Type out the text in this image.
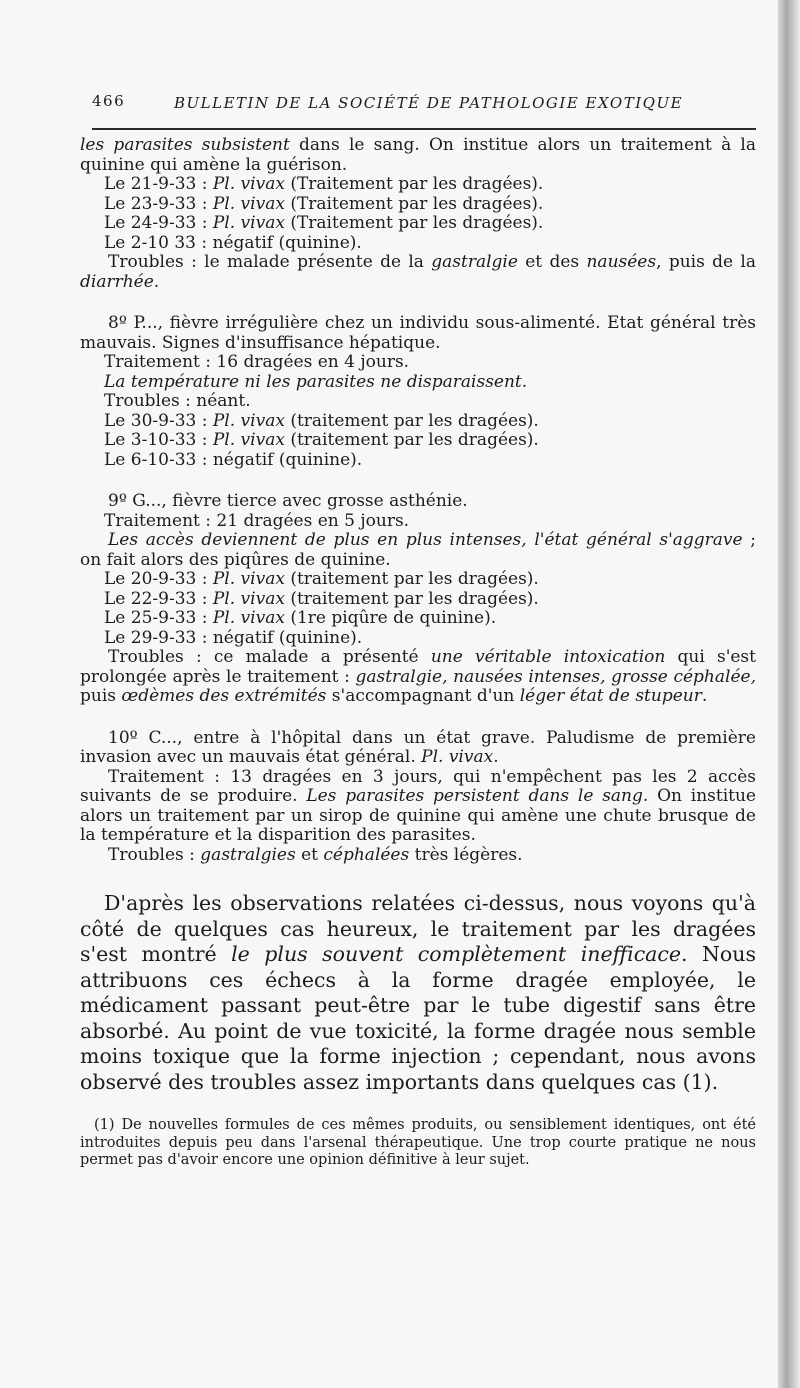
466	BULLETIN DE LA SOCIÉTÉ DE PATHOLOGIE EXOTIQUE

les parasites subsistent dans le sang. On institue alors un traitement à la quinine qui amène la guérison.

Le 21-9-33 : Pl. vivax (Traitement par les dragées).

Le 23-9-33 : Pl. vivax (Traitement par les dragées).

Le 24-9-33 : Pl. vivax (Traitement par les dragées).

Le 2-10 33 : négatif (quinine).

Troubles : le malade présente de la gastralgie et des nausées, puis de la diarrhée.

8º P..., fièvre irrégulière chez un individu sous-alimenté. Etat général très mauvais. Signes d'insuffisance hépatique.

Traitement : 16 dragées en 4 jours.

La température ni les parasites ne disparaissent.

Troubles : néant.

Le 30-9-33 : Pl. vivax (traitement par les dragées).

Le 3-10-33 : Pl. vivax (traitement par les dragées).

Le 6-10-33 : négatif (quinine).

9º G..., fièvre tierce avec grosse asthénie.

Traitement : 21 dragées en 5 jours.

Les accès deviennent de plus en plus intenses, l'état général s'aggrave ; on fait alors des piqûres de quinine.

Le 20-9-33 : Pl. vivax (traitement par les dragées).

Le 22-9-33 : Pl. vivax (traitement par les dragées).

Le 25-9-33 : Pl. vivax (1re piqûre de quinine).

Le 29-9-33 : négatif (quinine).

Troubles : ce malade a présenté une véritable intoxication qui s'est prolongée après le traitement : gastralgie, nausées intenses, grosse céphalée, puis œdèmes des extrémités s'accompagnant d'un léger état de stupeur.

10º C..., entre à l'hôpital dans un état grave. Paludisme de première invasion avec un mauvais état général. Pl. vivax.

Traitement : 13 dragées en 3 jours, qui n'empêchent pas les 2 accès suivants de se produire. Les parasites persistent dans le sang. On institue alors un traitement par un sirop de quinine qui amène une chute brusque de la température et la disparition des parasites.

Troubles : gastralgies et céphalées très légères.

D'après les observations relatées ci-dessus, nous voyons qu'à côté de quelques cas heureux, le traitement par les dragées s'est montré le plus souvent complètement inefficace. Nous attribuons ces échecs à la forme dragée employée, le médicament passant peut-être par le tube digestif sans être absorbé. Au point de vue toxicité, la forme dragée nous semble moins toxique que la forme injection ; cependant, nous avons observé des troubles assez importants dans quelques cas (1).

(1) De nouvelles formules de ces mêmes produits, ou sensiblement identiques, ont été introduites depuis peu dans l'arsenal thérapeutique. Une trop courte pratique ne nous permet pas d'avoir encore une opinion définitive à leur sujet.
